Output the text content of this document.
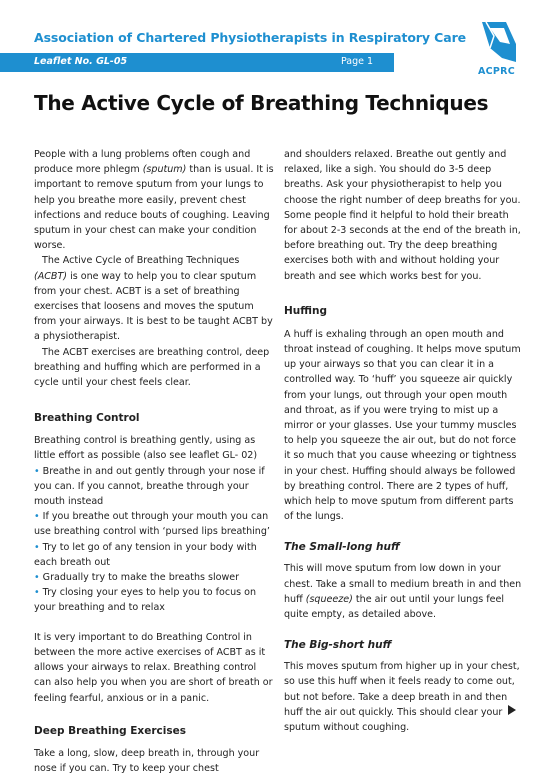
Association of Chartered Physiotherapists in Respiratory Care
Leaflet No. GL-05	Page 1
ACPRC
The Active Cycle of Breathing Techniques

People with a lung problems often cough and produce more phlegm (sputum) than is usual. It is important to remove sputum from your lungs to help you breathe more easily, prevent chest infections and reduce bouts of coughing. Leaving sputum in your chest can make your condition worse.

The Active Cycle of Breathing Techniques (ACBT) is one way to help you to clear sputum from your chest. ACBT is a set of breathing exercises that loosens and moves the sputum from your airways. It is best to be taught ACBT by a physiotherapist.

The ACBT exercises are breathing control, deep breathing and huffing which are performed in a cycle until your chest feels clear.

Breathing Control

Breathing control is breathing gently, using as little effort as possible (also see leaflet GL- 02)

• Breathe in and out gently through your nose if you can. If you cannot, breathe through your mouth instead

• If you breathe out through your mouth you can use breathing control with ‘pursed lips breathing’

• Try to let go of any tension in your body with each breath out

• Gradually try to make the breaths slower

• Try closing your eyes to help you to focus on your breathing and to relax

It is very important to do Breathing Control in between the more active exercises of ACBT as it allows your airways to relax. Breathing control can also help you when you are short of breath or feeling fearful, anxious or in a panic.

Deep Breathing Exercises

Take a long, slow, deep breath in, through your nose if you can. Try to keep your chest

and shoulders relaxed. Breathe out gently and relaxed, like a sigh. You should do 3-5 deep breaths. Ask your physiotherapist to help you choose the right number of deep breaths for you. Some people find it helpful to hold their breath for about 2-3 seconds at the end of the breath in, before breathing out. Try the deep breathing exercises both with and without holding your breath and see which works best for you.

Huffing

A huff is exhaling through an open mouth and throat instead of coughing. It helps move sputum up your airways so that you can clear it in a controlled way. To ‘huff’ you squeeze air quickly from your lungs, out through your open mouth and throat, as if you were trying to mist up a mirror or your glasses. Use your tummy muscles to help you squeeze the air out, but do not force it so much that you cause wheezing or tightness in your chest. Huffing should always be followed by breathing control. There are 2 types of huff, which help to move sputum from different parts of the lungs.

The Small-long huff

This will move sputum from low down in your chest. Take a small to medium breath in and then huff (squeeze) the air out until your lungs feel quite empty, as detailed above.

The Big-short huff

This moves sputum from higher up in your chest, so use this huff when it feels ready to come out, but not before. Take a deep breath in and then huff the air out quickly. This should clear your sputum without coughing.
